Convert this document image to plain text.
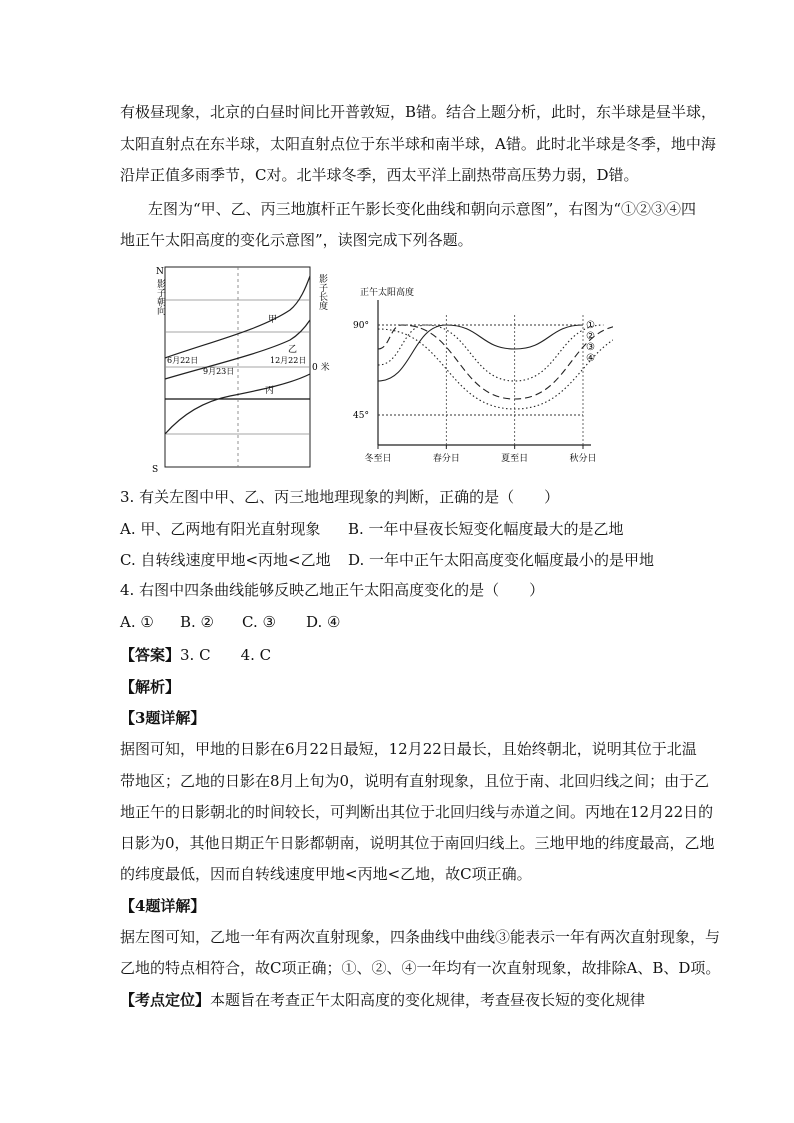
有极昼现象，北京的白昼时间比开普敦短，B错。结合上题分析，此时，东半球是昼半球，
太阳直射点在东半球，太阳直射点位于东半球和南半球，A错。此时北半球是冬季，地中海
沿岸正值多雨季节，C对。北半球冬季，西太平洋上副热带高压势力弱，D错。
左图为“甲、乙、丙三地旗杆正午影长变化曲线和朝向示意图”，右图为“①②③④四
地正午太阳高度的变化示意图”，读图完成下列各题。
N
S
影子朝向	影子长度
0 米
甲
乙
丙
6月22日
9月23日
12月22日
正午太阳高度
90°
45°
冬至日	春分日	夏至日	秋分日
①
②
③
④
3. 有关左图中甲、乙、丙三地地理现象的判断，正确的是（　　）
A. 甲、乙两地有阳光直射现象 B. 一年中昼夜长短变化幅度最大的是乙地
C. 自转线速度甲地<丙地<乙地 D. 一年中正午太阳高度变化幅度最小的是甲地
4. 右图中四条曲线能够反映乙地正午太阳高度变化的是（　　）
A. ① B. ② C. ③ D. ④
【答案】3. C　　4. C
【解析】
【3题详解】
据图可知，甲地的日影在6月22日最短，12月22日最长，且始终朝北，说明其位于北温
带地区；乙地的日影在8月上旬为0，说明有直射现象，且位于南、北回归线之间；由于乙
地正午的日影朝北的时间较长，可判断出其位于北回归线与赤道之间。丙地在12月22日的
日影为0，其他日期正午日影都朝南，说明其位于南回归线上。三地甲地的纬度最高，乙地
的纬度最低，因而自转线速度甲地<丙地<乙地，故C项正确。
【4题详解】
据左图可知，乙地一年有两次直射现象，四条曲线中曲线③能表示一年有两次直射现象，与
乙地的特点相符合，故C项正确；①、②、④一年均有一次直射现象，故排除A、B、D项。
【考点定位】本题旨在考查正午太阳高度的变化规律，考查昼夜长短的变化规律
